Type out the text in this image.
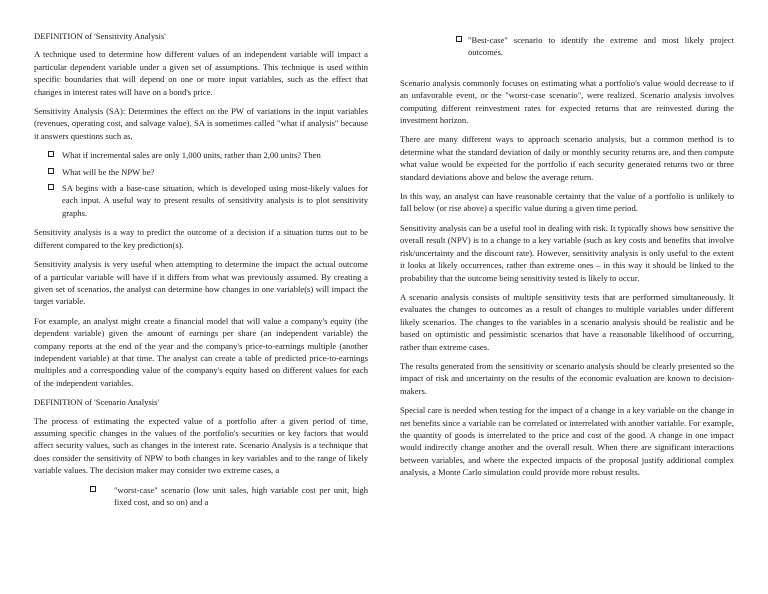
DEFINITION of 'Sensitivity Analysis'

A technique used to determine how different values of an independent variable will impact a particular dependent variable under a given set of assumptions. This technique is used within specific boundaries that will depend on one or more input variables, such as the effect that changes in interest rates will have on a bond's price.

Sensitivity Analysis (SA): Determines the effect on the PW of variations in the input variables (revenues, operating cost, and salvage value). SA is sometimes called "what if analysis" because it answers questions such as,

What if incremental sales are only 1,000 units, rather than 2,00 units? Then
What will be the NPW be?
SA begins with a base-case situation, which is developed using most-likely values for each input. A useful way to present results of sensitivity analysis is to plot sensitivity graphs.

Sensitivity analysis is a way to predict the outcome of a decision if a situation turns out to be different compared to the key prediction(s).

Sensitivity analysis is very useful when attempting to determine the impact the actual outcome of a particular variable will have if it differs from what was previously assumed. By creating a given set of scenarios, the analyst can determine how changes in one variable(s) will impact the target variable.

For example, an analyst might create a financial model that will value a company's equity (the dependent variable) given the amount of earnings per share (an independent variable) the company reports at the end of the year and the company's price-to-earnings multiple (another independent variable) at that time. The analyst can create a table of predicted price-to-earnings multiples and a corresponding value of the company's equity based on different values for each of the independent variables.

DEFINITION of 'Scenario Analysis'

The process of estimating the expected value of a portfolio after a given period of time, assuming specific changes in the values of the portfolio's securities or key factors that would affect security values, such as changes in the interest rate. Scenario Analysis is a technique that does consider the sensitivity of NPW to both changes in key variables and to the range of likely variable values. The decision maker may consider two extreme cases, a

"worst-case" scenario (low unit sales, high variable cost per unit, high fixed cost, and so on) and a
"Best-case" scenario to identify the extreme and most likely project outcomes.

Scenario analysis commonly focuses on estimating what a portfolio's value would decrease to if an unfavorable event, or the "worst-case scenario", were realized. Scenario analysis involves computing different reinvestment rates for expected returns that are reinvested during the investment horizon.

There are many different ways to approach scenario analysis, but a common method is to determine what the standard deviation of daily or monthly security returns are, and then compute what value would be expected for the portfolio if each security generated returns two or three standard deviations above and below the average return.

In this way, an analyst can have reasonable certainty that the value of a portfolio is unlikely to fall below (or rise above) a specific value during a given time period.

Sensitivity analysis can be a useful tool in dealing with risk. It typically shows how sensitive the overall result (NPV) is to a change to a key variable (such as key costs and benefits that involve risk/uncertainty and the discount rate). However, sensitivity analysis is only useful to the extent it looks at likely occurrences, rather than extreme ones – in this way it should be linked to the probability that the outcome being sensitivity tested is likely to occur.

A scenario analysis consists of multiple sensitivity tests that are performed simultaneously. It evaluates the changes to outcomes as a result of changes to multiple variables under different likely scenarios. The changes to the variables in a scenario analysis should be realistic and be based on optimistic and pessimistic scenarios that have a reasonable likelihood of occurring, rather than extreme cases.

The results generated from the sensitivity or scenario analysis should be clearly presented so the impact of risk and uncertainty on the results of the economic evaluation are known to decision-makers.

Special care is needed when testing for the impact of a change in a key variable on the change in net benefits since a variable can be correlated or interrelated with another variable. For example, the quantity of goods is interrelated to the price and cost of the good. A change in one impact would indirectly change another and the overall result. When there are significant interactions between variables, and where the expected impacts of the proposal justify additional complex analysis, a Monte Carlo simulation could provide more robust results.
